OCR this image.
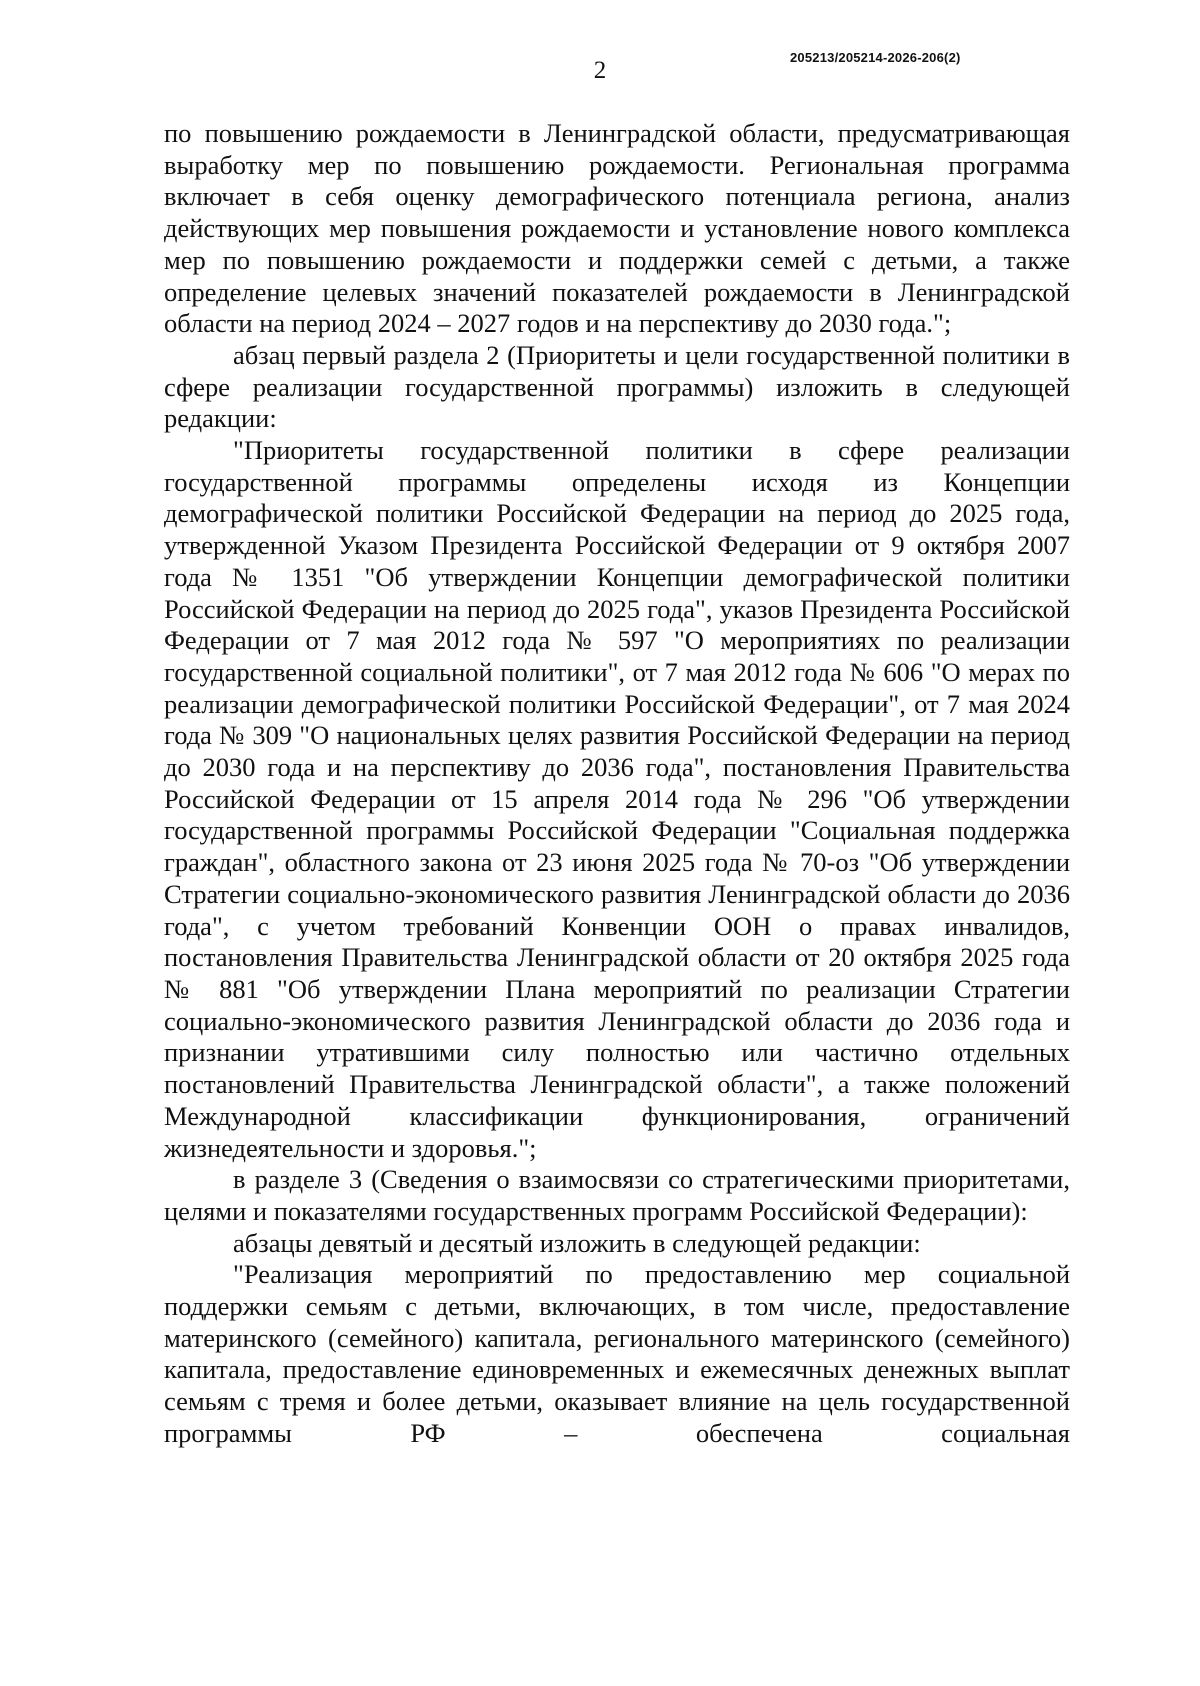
2	205213/205214-2026-206(2)

по повышению рождаемости в Ленинградской области, предусматривающая выработку мер по повышению рождаемости. Региональная программа включает в себя оценку демографического потенциала региона, анализ действующих мер повышения рождаемости и установление нового комплекса мер по повышению рождаемости и поддержки семей с детьми, а также определение целевых значений показателей рождаемости в Ленинградской области на период 2024 – 2027 годов и на перспективу до 2030 года.";

абзац первый раздела 2 (Приоритеты и цели государственной политики в сфере реализации государственной программы) изложить в следующей редакции:

"Приоритеты государственной политики в сфере реализации государственной программы определены исходя из Концепции демографической политики Российской Федерации на период до 2025 года, утвержденной Указом Президента Российской Федерации от 9 октября 2007 года № 1351 "Об утверждении Концепции демографической политики Российской Федерации на период до 2025 года", указов Президента Российской Федерации от 7 мая 2012 года № 597 "О мероприятиях по реализации государственной социальной политики", от 7 мая 2012 года № 606 "О мерах по реализации демографической политики Российской Федерации", от 7 мая 2024 года № 309 "О национальных целях развития Российской Федерации на период до 2030 года и на перспективу до 2036 года", постановления Правительства Российской Федерации от 15 апреля 2014 года № 296 "Об утверждении государственной программы Российской Федерации "Социальная поддержка граждан", областного закона от 23 июня 2025 года № 70-оз "Об утверждении Стратегии социально-экономического развития Ленинградской области до 2036 года", с учетом требований Конвенции ООН о правах инвалидов, постановления Правительства Ленинградской области от 20 октября 2025 года № 881 "Об утверждении Плана мероприятий по реализации Стратегии социально-экономического развития Ленинградской области до 2036 года и признании утратившими силу полностью или частично отдельных постановлений Правительства Ленинградской области", а также положений Международной классификации функционирования, ограничений жизнедеятельности и здоровья.";

в разделе 3 (Сведения о взаимосвязи со стратегическими приоритетами, целями и показателями государственных программ Российской Федерации):

абзацы девятый и десятый изложить в следующей редакции:

"Реализация мероприятий по предоставлению мер социальной поддержки семьям с детьми, включающих, в том числе, предоставление материнского (семейного) капитала, регионального материнского (семейного) капитала, предоставление единовременных и ежемесячных денежных выплат семьям с тремя и более детьми, оказывает влияние на цель государственной программы РФ – обеспечена социальная
